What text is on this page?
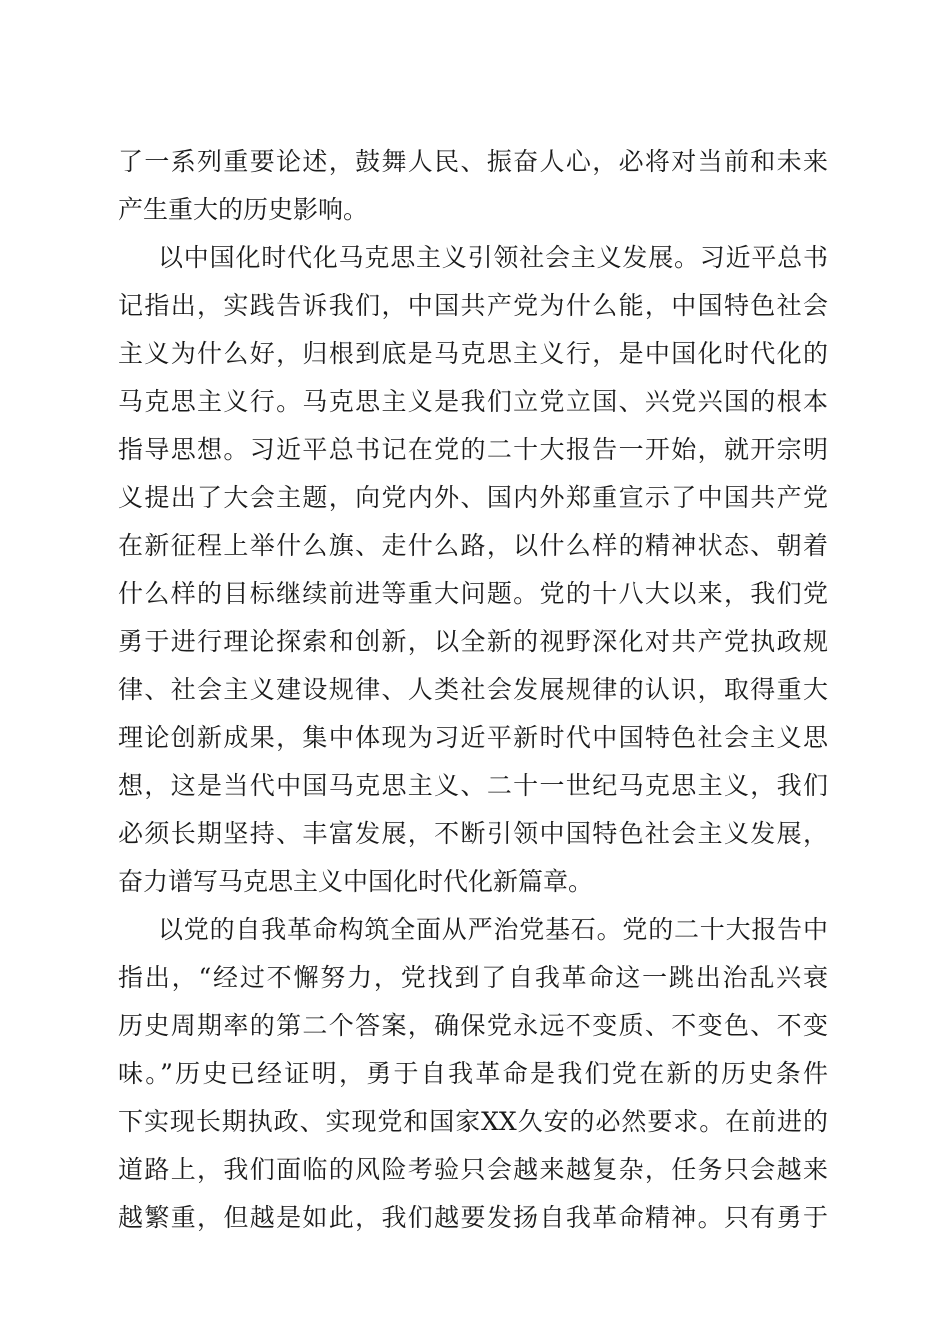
了一系列重要论述，鼓舞人民、振奋人心，必将对当前和未来
产生重大的历史影响。
以中国化时代化马克思主义引领社会主义发展。习近平总书
记指出，实践告诉我们，中国共产党为什么能，中国特色社会
主义为什么好，归根到底是马克思主义行，是中国化时代化的
马克思主义行。马克思主义是我们立党立国、兴党兴国的根本
指导思想。习近平总书记在党的二十大报告一开始，就开宗明
义提出了大会主题，向党内外、国内外郑重宣示了中国共产党
在新征程上举什么旗、走什么路，以什么样的精神状态、朝着
什么样的目标继续前进等重大问题。党的十八大以来，我们党
勇于进行理论探索和创新，以全新的视野深化对共产党执政规
律、社会主义建设规律、人类社会发展规律的认识，取得重大
理论创新成果，集中体现为习近平新时代中国特色社会主义思
想，这是当代中国马克思主义、二十一世纪马克思主义，我们
必须长期坚持、丰富发展，不断引领中国特色社会主义发展，
奋力谱写马克思主义中国化时代化新篇章。
以党的自我革命构筑全面从严治党基石。党的二十大报告中
指出，“经过不懈努力，党找到了自我革命这一跳出治乱兴衰
历史周期率的第二个答案，确保党永远不变质、不变色、不变
味。”历史已经证明，勇于自我革命是我们党在新的历史条件
下实现长期执政、实现党和国家XX久安的必然要求。在前进的
道路上，我们面临的风险考验只会越来越复杂，任务只会越来
越繁重，但越是如此，我们越要发扬自我革命精神。只有勇于
